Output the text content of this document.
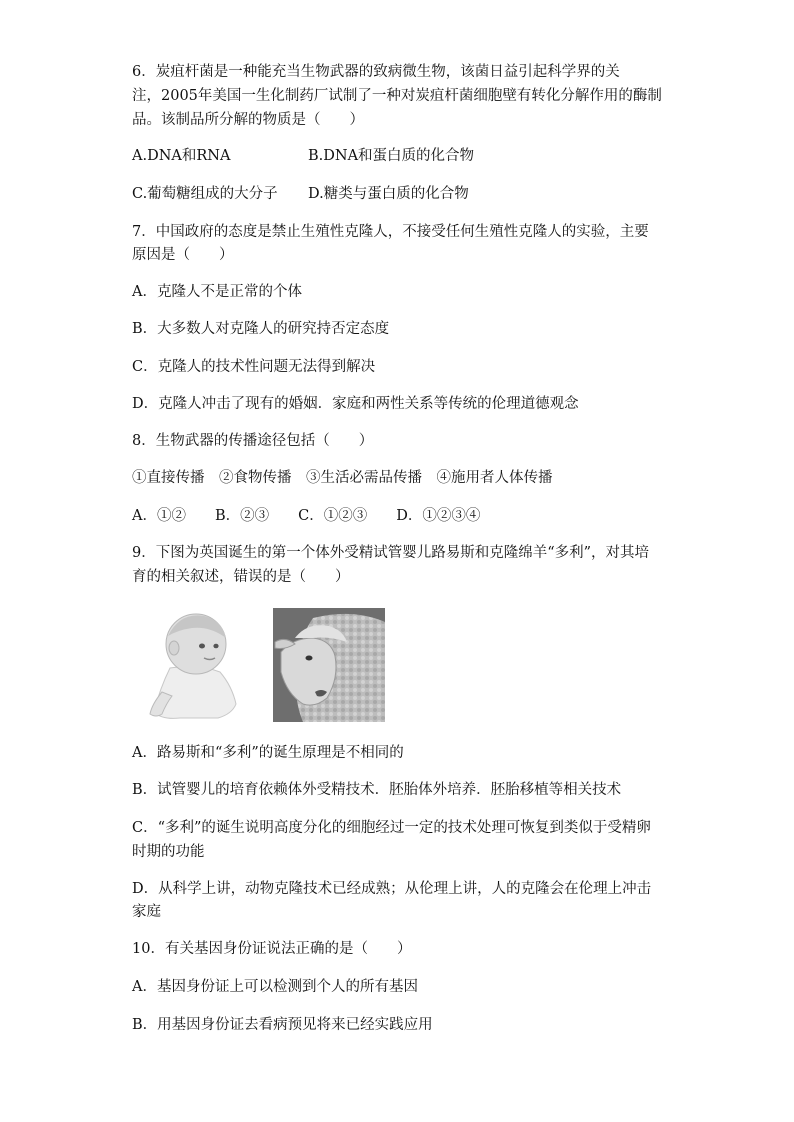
6．炭疽杆菌是一种能充当生物武器的致病微生物，该菌日益引起科学界的关
注，2005年美国一生化制药厂试制了一种对炭疽杆菌细胞壁有转化分解作用的酶制
品。该制品所分解的物质是（　　）
A.DNA和RNA	B.DNA和蛋白质的化合物
C.葡萄糖组成的大分子 D.糖类与蛋白质的化合物
7．中国政府的态度是禁止生殖性克隆人，不接受任何生殖性克隆人的实验，主要
原因是（　　）
A．克隆人不是正常的个体
B．大多数人对克隆人的研究持否定态度
C．克隆人的技术性问题无法得到解决
D．克隆人冲击了现有的婚姻．家庭和两性关系等传统的伦理道德观念
8．生物武器的传播途径包括（　　）
①直接传播　②食物传播　③生活必需品传播　④施用者人体传播
A．①②　　B．②③　　C．①②③　　D．①②③④
9．下图为英国诞生的第一个体外受精试管婴儿路易斯和克隆绵羊“多利”，对其培
育的相关叙述，错误的是（　　）
A．路易斯和“多利”的诞生原理是不相同的
B．试管婴儿的培育依赖体外受精技术．胚胎体外培养．胚胎移植等相关技术
C．“多利”的诞生说明高度分化的细胞经过一定的技术处理可恢复到类似于受精卵
时期的功能
D．从科学上讲，动物克隆技术已经成熟；从伦理上讲，人的克隆会在伦理上冲击
家庭
10．有关基因身份证说法正确的是（　　）
A．基因身份证上可以检测到个人的所有基因
B．用基因身份证去看病预见将来已经实践应用
